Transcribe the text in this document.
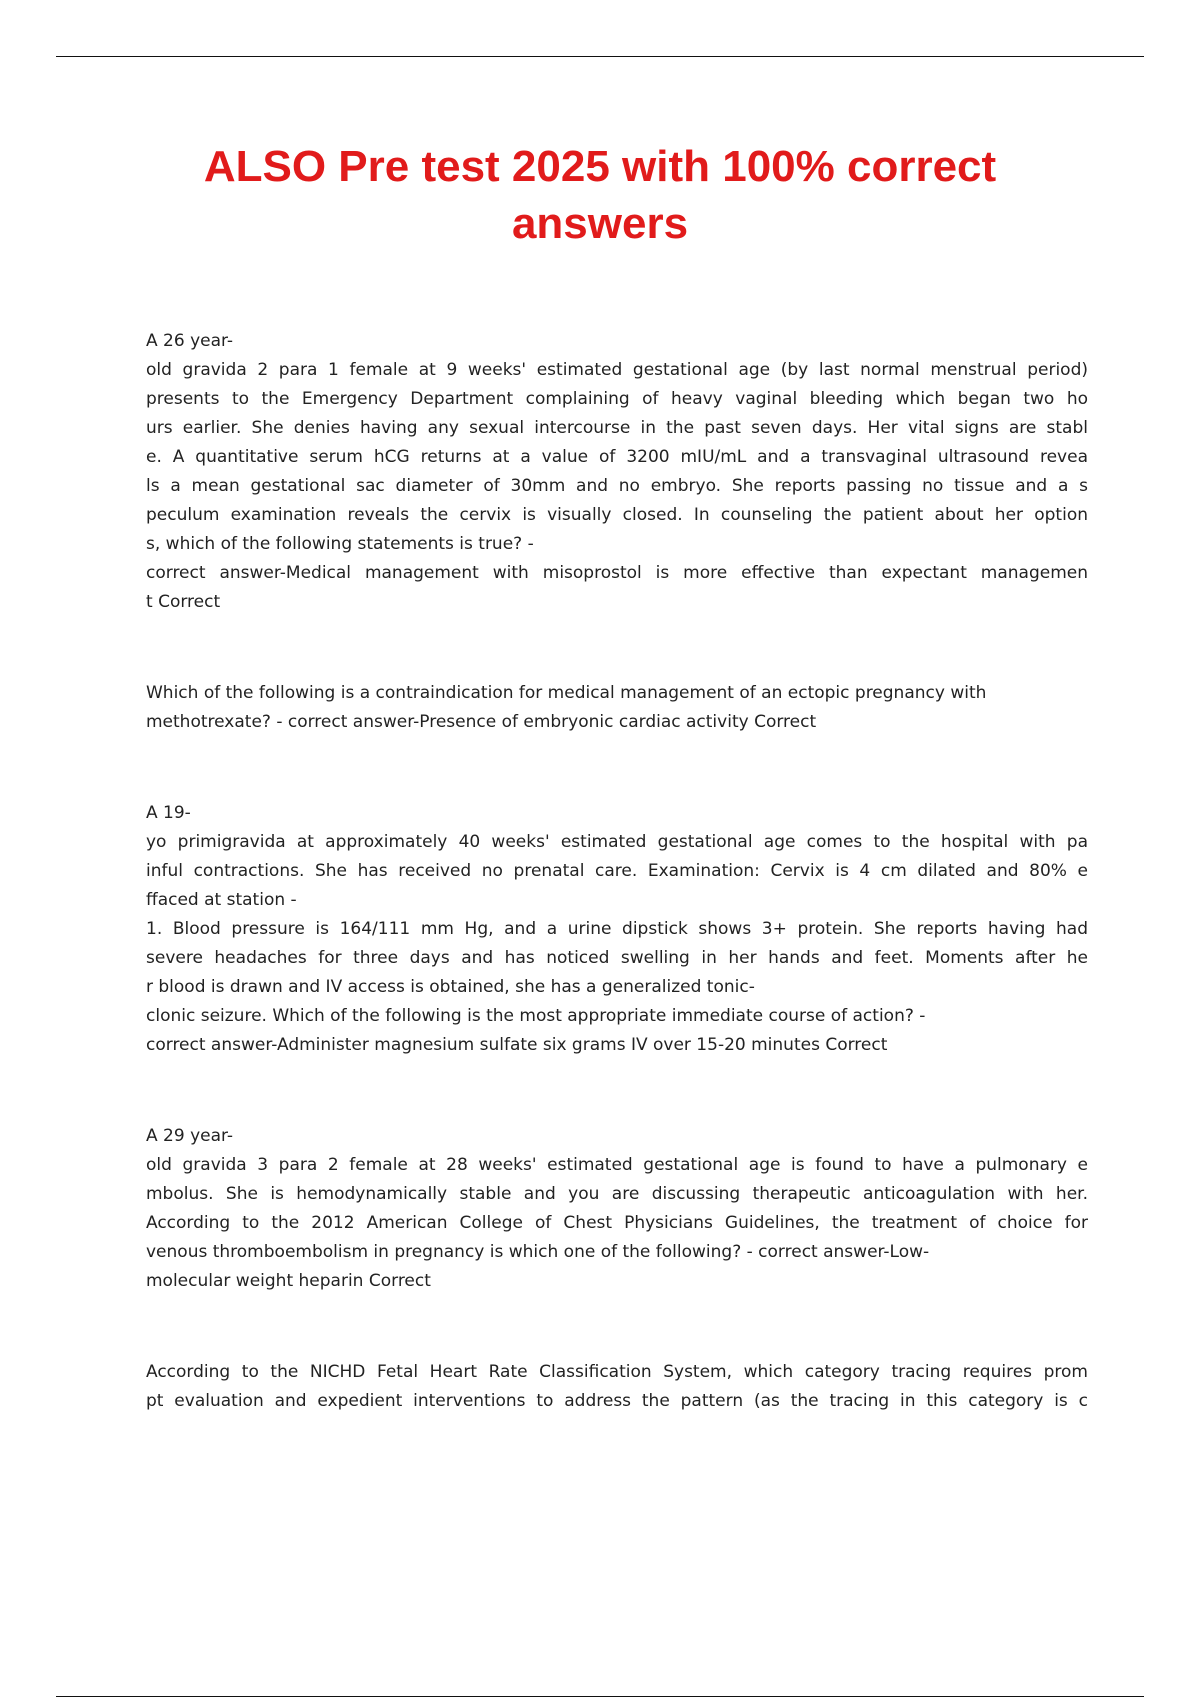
ALSO Pre test 2025 with 100% correct
answers
A 26 year-
old gravida 2 para 1 female at 9 weeks' estimated gestational age (by last normal menstrual period)
presents to the Emergency Department complaining of heavy vaginal bleeding which began two ho
urs earlier. She denies having any sexual intercourse in the past seven days. Her vital signs are stabl
e. A quantitative serum hCG returns at a value of 3200 mIU/mL and a transvaginal ultrasound revea
ls a mean gestational sac diameter of 30mm and no embryo. She reports passing no tissue and a s
peculum examination reveals the cervix is visually closed. In counseling the patient about her option
s, which of the following statements is true? -
correct answer-Medical management with misoprostol is more effective than expectant managemen
t Correct
Which of the following is a contraindication for medical management of an ectopic pregnancy with
methotrexate? - correct answer-Presence of embryonic cardiac activity Correct
A 19-
yo primigravida at approximately 40 weeks' estimated gestational age comes to the hospital with pa
inful contractions. She has received no prenatal care. Examination: Cervix is 4 cm dilated and 80% e
ffaced at station -
1. Blood pressure is 164/111 mm Hg, and a urine dipstick shows 3+ protein. She reports having had
severe headaches for three days and has noticed swelling in her hands and feet. Moments after he
r blood is drawn and IV access is obtained, she has a generalized tonic-
clonic seizure. Which of the following is the most appropriate immediate course of action? -
correct answer-Administer magnesium sulfate six grams IV over 15-20 minutes Correct
A 29 year-
old gravida 3 para 2 female at 28 weeks' estimated gestational age is found to have a pulmonary e
mbolus. She is hemodynamically stable and you are discussing therapeutic anticoagulation with her.
According to the 2012 American College of Chest Physicians Guidelines, the treatment of choice for
venous thromboembolism in pregnancy is which one of the following? - correct answer-Low-
molecular weight heparin Correct
According to the NICHD Fetal Heart Rate Classification System, which category tracing requires prom
pt evaluation and expedient interventions to address the pattern (as the tracing in this category is c
